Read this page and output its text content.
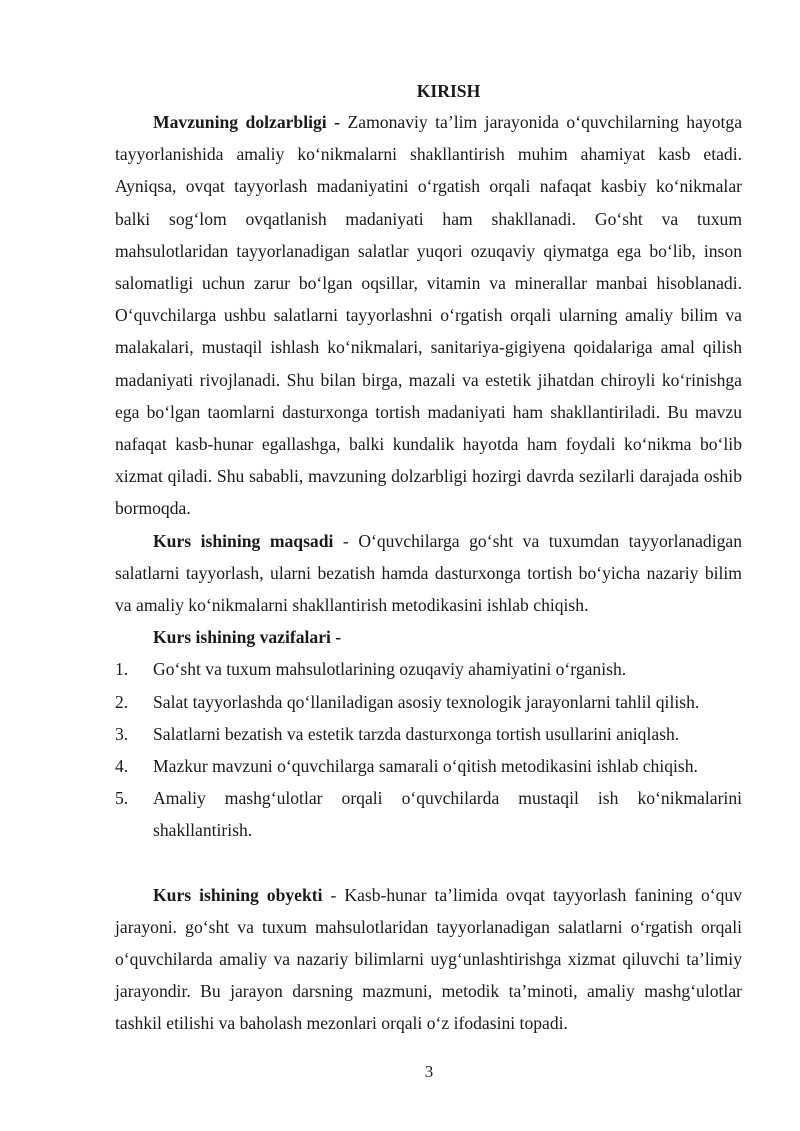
KIRISH

Mavzuning dolzarbligi - Zamonaviy ta’lim jarayonida o‘quvchilarning hayotga tayyorlanishida amaliy ko‘nikmalarni shakllantirish muhim ahamiyat kasb etadi. Ayniqsa, ovqat tayyorlash madaniyatini o‘rgatish orqali nafaqat kasbiy ko‘nikmalar balki sog‘lom ovqatlanish madaniyati ham shakllanadi. Go‘sht va tuxum mahsulotlaridan tayyorlanadigan salatlar yuqori ozuqaviy qiymatga ega bo‘lib, inson salomatligi uchun zarur bo‘lgan oqsillar, vitamin va minerallar manbai hisoblanadi. O‘quvchilarga ushbu salatlarni tayyorlashni o‘rgatish orqali ularning amaliy bilim va malakalari, mustaqil ishlash ko‘nikmalari, sanitariya-gigiyena qoidalariga amal qilish madaniyati rivojlanadi. Shu bilan birga, mazali va estetik jihatdan chiroyli ko‘rinishga ega bo‘lgan taomlarni dasturxonga tortish madaniyati ham shakllantiriladi. Bu mavzu nafaqat kasb-hunar egallashga, balki kundalik hayotda ham foydali ko‘nikma bo‘lib xizmat qiladi. Shu sababli, mavzuning dolzarbligi hozirgi davrda sezilarli darajada oshib bormoqda.

Kurs ishining maqsadi - O‘quvchilarga go‘sht va tuxumdan tayyorlanadigan salatlarni tayyorlash, ularni bezatish hamda dasturxonga tortish bo‘yicha nazariy bilim va amaliy ko‘nikmalarni shakllantirish metodikasini ishlab chiqish.

Kurs ishining vazifalari -

1.	Go‘sht va tuxum mahsulotlarining ozuqaviy ahamiyatini o‘rganish.
2.	Salat tayyorlashda qo‘llaniladigan asosiy texnologik jarayonlarni tahlil qilish.
3.	Salatlarni bezatish va estetik tarzda dasturxonga tortish usullarini aniqlash.
4.	Mazkur mavzuni o‘quvchilarga samarali o‘qitish metodikasini ishlab chiqish.
5.	Amaliy mashg‘ulotlar orqali o‘quvchilarda mustaqil ish ko‘nikmalarini shakllantirish.

Kurs ishining obyekti - Kasb-hunar ta’limida ovqat tayyorlash fanining o‘quv jarayoni. go‘sht va tuxum mahsulotlaridan tayyorlanadigan salatlarni o‘rgatish orqali o‘quvchilarda amaliy va nazariy bilimlarni uyg‘unlashtirishga xizmat qiluvchi ta’limiy jarayondir. Bu jarayon darsning mazmuni, metodik ta’minoti, amaliy mashg‘ulotlar tashkil etilishi va baholash mezonlari orqali o‘z ifodasini topadi.

3
